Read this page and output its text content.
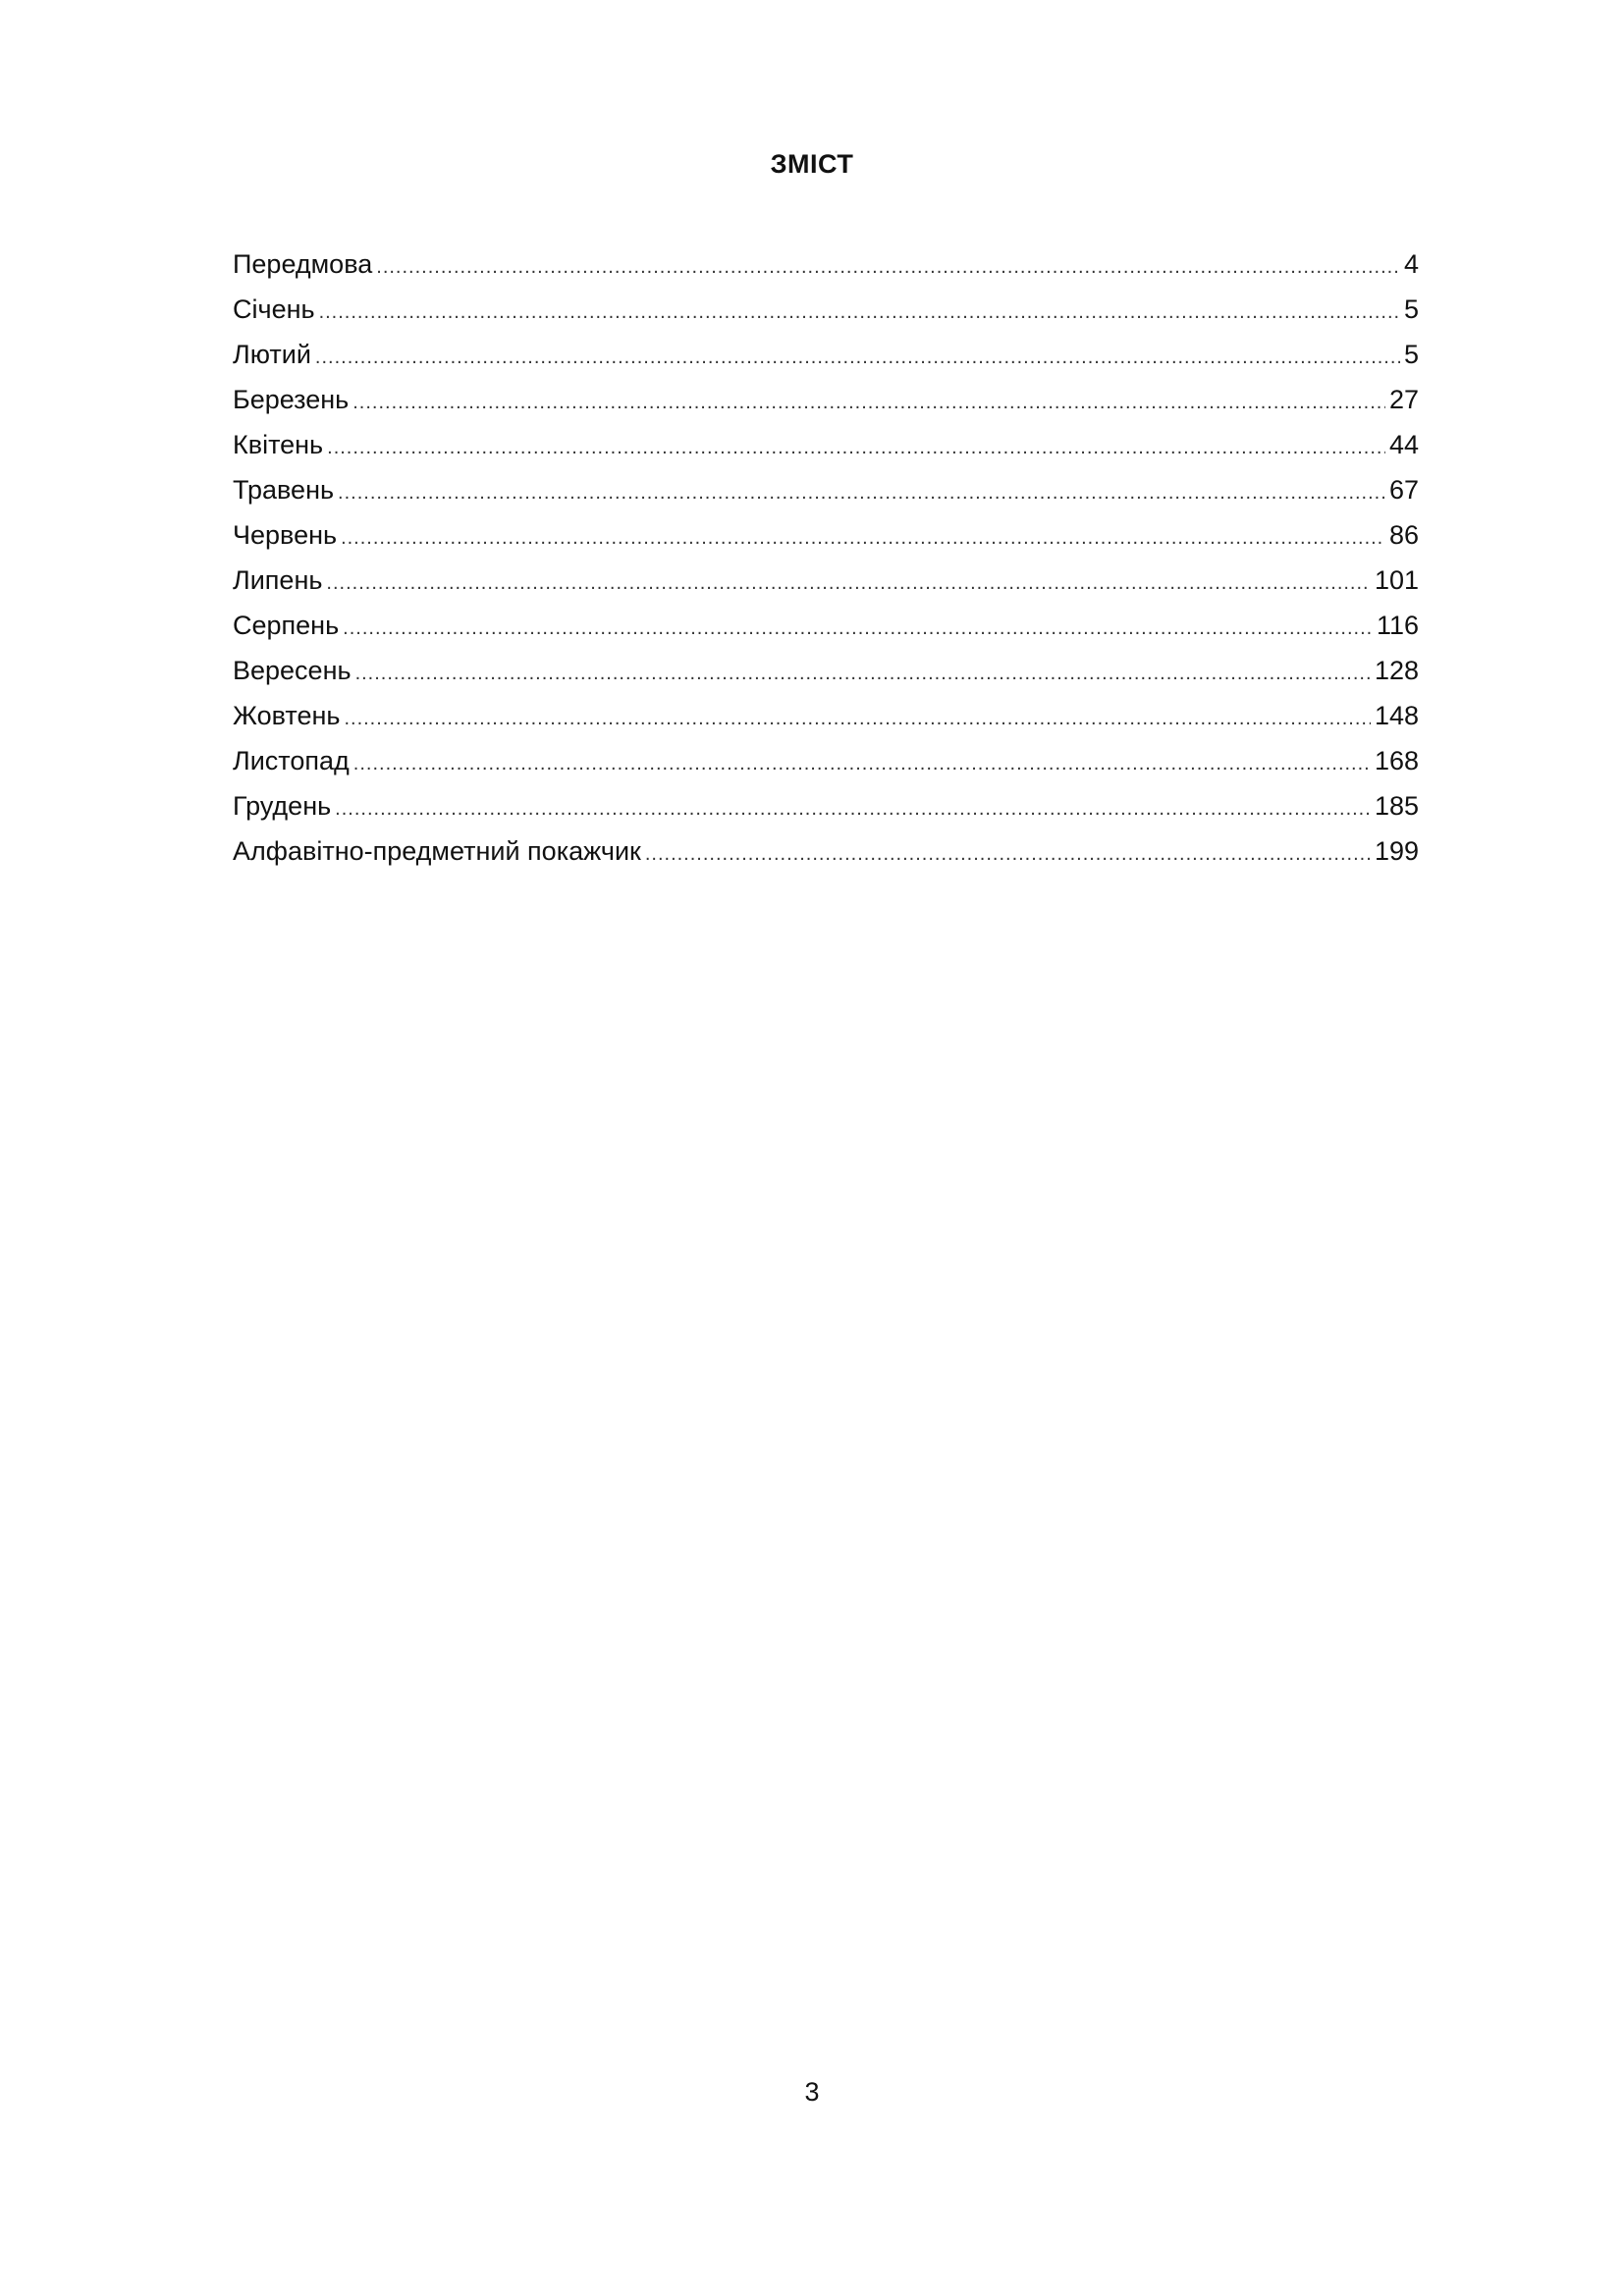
ЗМІСТ
Передмова .....	4
Січень .....	5
Лютий .....	5
Березень .....	27
Квітень .....	44
Травень .....	67
Червень .....	86
Липень .....	101
Серпень .....	116
Вересень .....	128
Жовтень .....	148
Листопад .....	168
Грудень .....	185
Алфавітно-предметний покажчик .....	199
3
